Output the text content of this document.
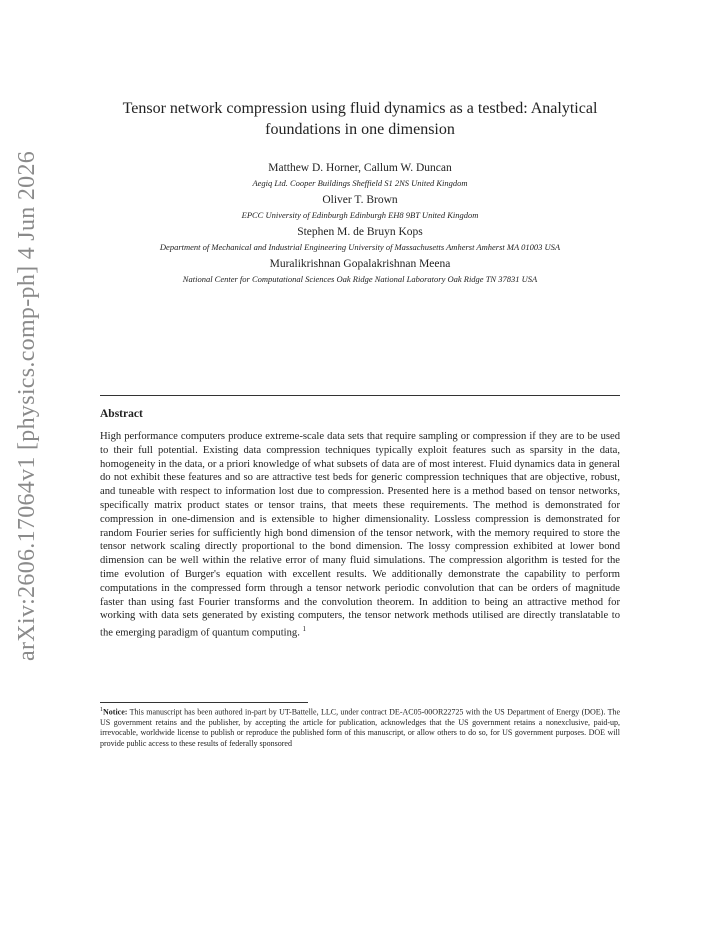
arXiv:2606.17064v1 [physics.comp-ph] 4 Jun 2026
Tensor network compression using fluid dynamics as a testbed: Analytical foundations in one dimension
Matthew D. Horner, Callum W. Duncan
Aegiq Ltd. Cooper Buildings Sheffield S1 2NS United Kingdom
Oliver T. Brown
EPCC University of Edinburgh Edinburgh EH8 9BT United Kingdom
Stephen M. de Bruyn Kops
Department of Mechanical and Industrial Engineering University of Massachusetts Amherst Amherst MA 01003 USA
Muralikrishnan Gopalakrishnan Meena
National Center for Computational Sciences Oak Ridge National Laboratory Oak Ridge TN 37831 USA
Abstract
High performance computers produce extreme-scale data sets that require sampling or compression if they are to be used to their full potential. Existing data compression techniques typically exploit features such as sparsity in the data, homogeneity in the data, or a priori knowledge of what subsets of data are of most interest. Fluid dynamics data in general do not exhibit these features and so are attractive test beds for generic compression techniques that are objective, robust, and tuneable with respect to information lost due to compression. Presented here is a method based on tensor networks, specifically matrix product states or tensor trains, that meets these requirements. The method is demonstrated for compression in one-dimension and is extensible to higher dimensionality. Lossless compression is demonstrated for random Fourier series for sufficiently high bond dimension of the tensor network, with the memory required to store the tensor network scaling directly proportional to the bond dimension. The lossy compression exhibited at lower bond dimension can be well within the relative error of many fluid simulations. The compression algorithm is tested for the time evolution of Burger's equation with excellent results. We additionally demonstrate the capability to perform computations in the compressed form through a tensor network periodic convolution that can be orders of magnitude faster than using fast Fourier transforms and the convolution theorem. In addition to being an attractive method for working with data sets generated by existing computers, the tensor network methods utilised are directly translatable to the emerging paradigm of quantum computing. $^1$
$^1$Notice: This manuscript has been authored in-part by UT-Battelle, LLC, under contract DE-AC05-00OR22725 with the US Department of Energy (DOE). The US government retains and the publisher, by accepting the article for publication, acknowledges that the US government retains a nonexclusive, paid-up, irrevocable, worldwide license to publish or reproduce the published form of this manuscript, or allow others to do so, for US government purposes. DOE will provide public access to these results of federally sponsored
